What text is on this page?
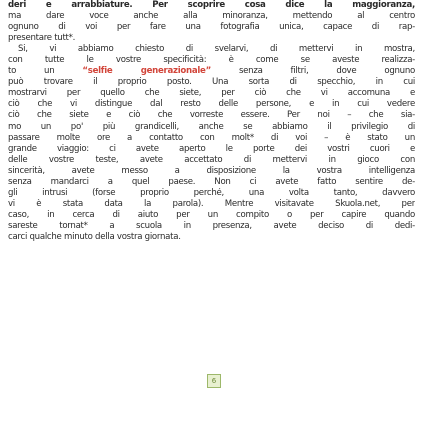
deri e arrabbiature. Per scoprire cosa dice la maggioranza,
ma dare voce anche alla minoranza, mettendo al centro
ognuno di voi per fare una fotografia unica, capace di rap-
presentare tutt*.
Si, vi abbiamo chiesto di svelarvi, di mettervi in mostra,
con tutte le vostre specificità: è come se aveste realizza-
to un “selfie generazionale” senza filtri, dove ognuno
può trovare il proprio posto. Una sorta di specchio, in cui
mostrarvi per quello che siete, per ciò che vi accomuna e
ciò che vi distingue dal resto delle persone, e in cui vedere
ciò che siete e ciò che vorreste essere. Per noi – che sia-
mo un po' più grandicelli, anche se abbiamo il privilegio di
passare molte ore a contatto con molt* di voi – è stato un
grande viaggio: ci avete aperto le porte dei vostri cuori e
delle vostre teste, avete accettato di mettervi in gioco con
sincerità, avete messo a disposizione la vostra intelligenza
senza mandarci a quel paese. Non ci avete fatto sentire de-
gli intrusi (forse proprio perché, una volta tanto, davvero
vi è stata data la parola). Mentre visitavate Skuola.net, per
caso, in cerca di aiuto per un compito o per capire quando
sareste tornat* a scuola in presenza, avete deciso di dedi-
carci qualche minuto della vostra giornata.
6
